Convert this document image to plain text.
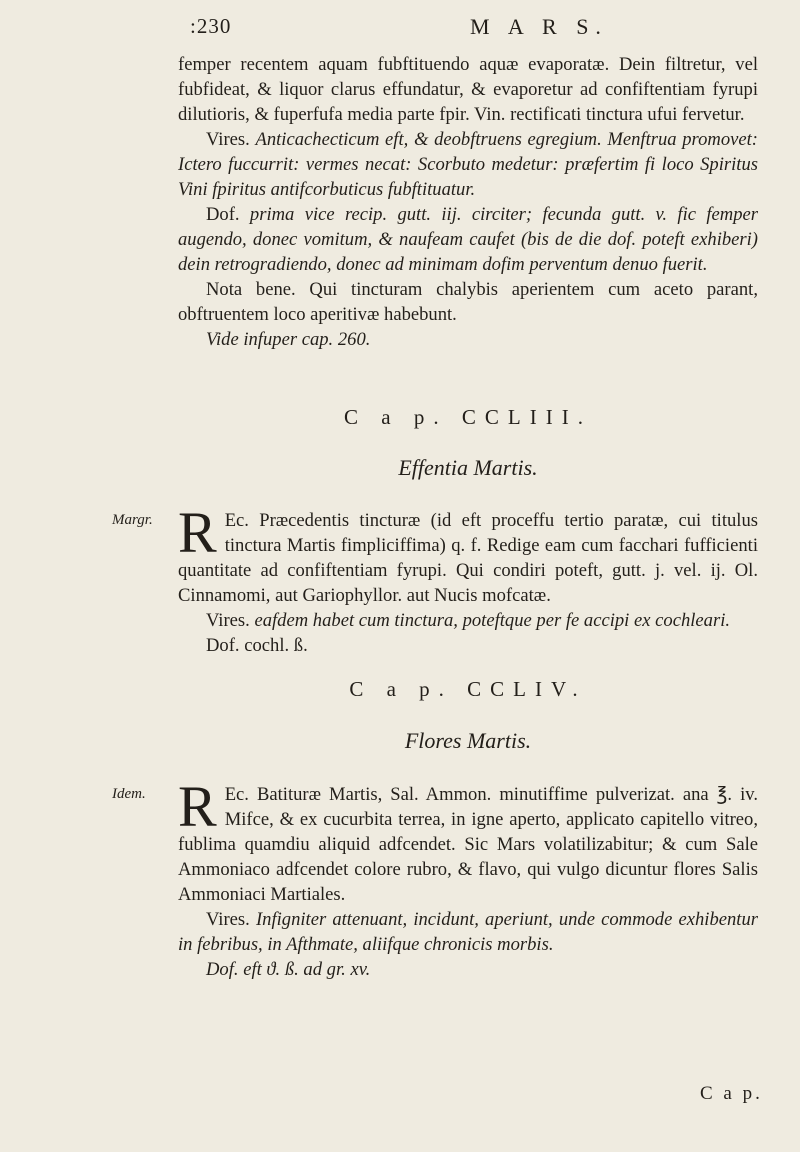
:230	M A R S.

femper recentem aquam fubftituendo aquæ evaporatæ. Dein filtretur, vel fubfideat, & liquor clarus effundatur, & evaporetur ad confiftentiam fyrupi dilutioris, & fuperfufa media parte fpir. Vin. rectificati tinctura ufui fervetur.

Vires. Anticachecticum eft, & deobftruens egregium. Menftrua promovet: Ictero fuccurrit: vermes necat: Scorbuto medetur: præfertim fi loco Spiritus Vini fpiritus antifcorbuticus fubftituatur.

Dof. prima vice recip. gutt. iij. circiter; fecunda gutt. v. fic femper augendo, donec vomitum, & naufeam caufet (bis de die dof. poteft exhiberi) dein retrogradiendo, donec ad minimam dofim perventum denuo fuerit.

Nota bene. Qui tincturam chalybis aperientem cum aceto parant, obftruentem loco aperitivæ habebunt.

Vide infuper cap. 260.

C a p. CCLIII.
Effentia Martis.
Margr. R Ec. Præcedentis tincturæ (id eft proceffu tertio paratæ, cui titulus tinctura Martis fimpliciffima) q. f. Redige eam cum facchari fufficienti quantitate ad confiftentiam fyrupi. Qui condiri poteft, gutt. j. vel. ij. Ol. Cinnamomi, aut Gariophyllor. aut Nucis mofcatæ.

Vires. eafdem habet cum tinctura, poteftque per fe accipi ex cochleari.

Dof. cochl. ß.

C a p. CCLIV.
Flores Martis.
Idem. R Ec. Batituræ Martis, Sal. Ammon. minutiffime pulverizat. ana ℥. iv. Mifce, & ex cucurbita terrea, in igne aperto, applicato capitello vitreo, fublima quamdiu aliquid adfcendet. Sic Mars volatilizabitur; & cum Sale Ammoniaco adfcendet colore rubro, & flavo, qui vulgo dicuntur flores Salis Ammoniaci Martiales.

Vires. Infigniter attenuant, incidunt, aperiunt, unde commode exhibentur in febribus, in Afthmate, aliifque chronicis morbis.

Dof. eft ϑ. ß. ad gr. xv.

C a p.
